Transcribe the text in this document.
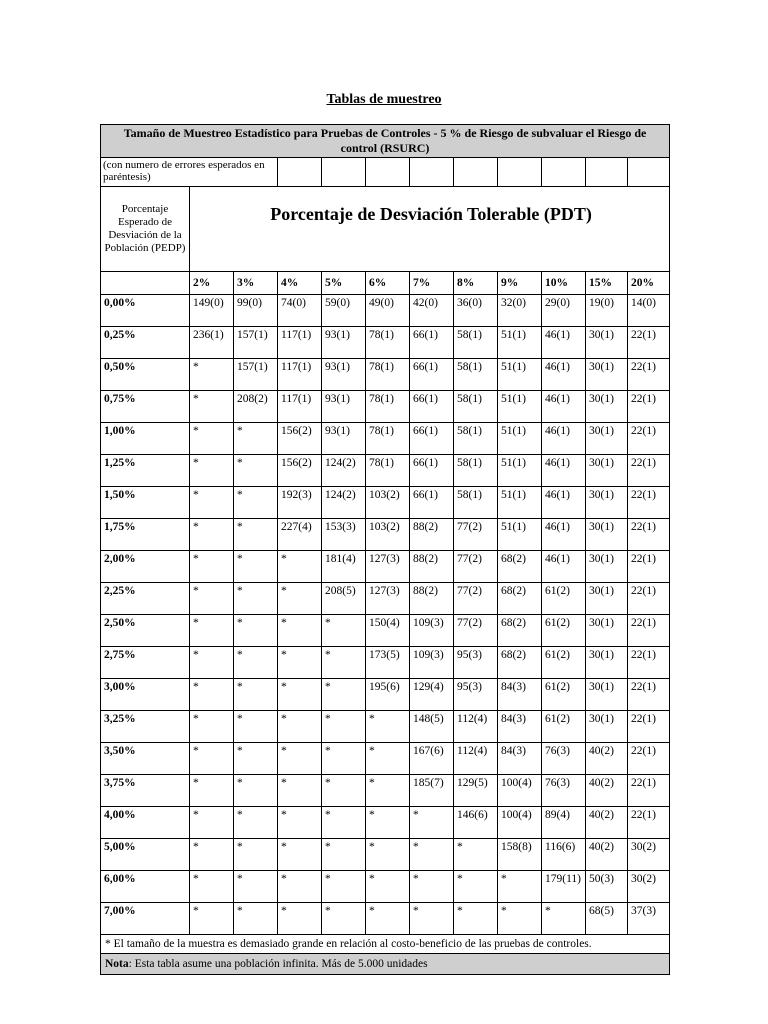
Tablas de muestreo
Tamaño de Muestreo Estadístico para Pruebas de Controles - 5 % de Riesgo de subvaluar el Riesgo de control (RSURC)											
(con numero de errores esperados en paréntesis)											
Porcentaje Esperado de Desviación de la Población (PEDP)	Porcentaje de Desviación Tolerable (PDT)										
	2%	3%	4%	5%	6%	7%	8%	9%	10%	15%	20%
0,00%	149(0)	99(0)	74(0)	59(0)	49(0)	42(0)	36(0)	32(0)	29(0)	19(0)	14(0)

0,25%	236(1)	157(1)	117(1)	93(1)	78(1)	66(1)	58(1)	51(1)	46(1)	30(1)	22(1)

0,50%	*	157(1)	117(1)	93(1)	78(1)	66(1)	58(1)	51(1)	46(1)	30(1)	22(1)

0,75%	*	208(2)	117(1)	93(1)	78(1)	66(1)	58(1)	51(1)	46(1)	30(1)	22(1)

1,00%	*	*	156(2)	93(1)	78(1)	66(1)	58(1)	51(1)	46(1)	30(1)	22(1)

1,25%	*	*	156(2)	124(2)	78(1)	66(1)	58(1)	51(1)	46(1)	30(1)	22(1)

1,50%	*	*	192(3)	124(2)	103(2)	66(1)	58(1)	51(1)	46(1)	30(1)	22(1)

1,75%	*	*	227(4)	153(3)	103(2)	88(2)	77(2)	51(1)	46(1)	30(1)	22(1)

2,00%	*	*	*	181(4)	127(3)	88(2)	77(2)	68(2)	46(1)	30(1)	22(1)

2,25%	*	*	*	208(5)	127(3)	88(2)	77(2)	68(2)	61(2)	30(1)	22(1)

2,50%	*	*	*	*	150(4)	109(3)	77(2)	68(2)	61(2)	30(1)	22(1)

2,75%	*	*	*	*	173(5)	109(3)	95(3)	68(2)	61(2)	30(1)	22(1)

3,00%	*	*	*	*	195(6)	129(4)	95(3)	84(3)	61(2)	30(1)	22(1)

3,25%	*	*	*	*	*	148(5)	112(4)	84(3)	61(2)	30(1)	22(1)

3,50%	*	*	*	*	*	167(6)	112(4)	84(3)	76(3)	40(2)	22(1)

3,75%	*	*	*	*	*	185(7)	129(5)	100(4)	76(3)	40(2)	22(1)

4,00%	*	*	*	*	*	*	146(6)	100(4)	89(4)	40(2)	22(1)

5,00%	*	*	*	*	*	*	*	158(8)	116(6)	40(2)	30(2)

6,00%	*	*	*	*	*	*	*	*	179(11)	50(3)	30(2)

7,00%	*	*	*	*	*	*	*	*	*	68(5)	37(3)

* El tamaño de la muestra es demasiado grande en relación al costo-beneficio de las pruebas de controles.											
Nota: Esta tabla asume una población infinita. Más de 5.000 unidades											
